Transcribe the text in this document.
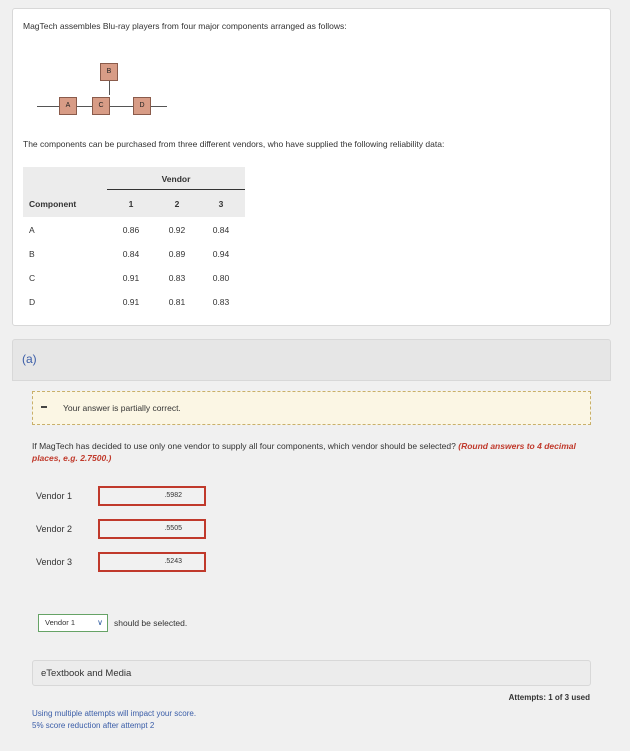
MagTech assembles Blu-ray players from four major components arranged as follows:
A	C
B
D
The components can be purchased from three different vendors, who have supplied the following reliability data:
Vendor
Component	1	2	3
A	0.86	0.92	0.84
B	0.84	0.89	0.94
C	0.91	0.83	0.80
D	0.91	0.81	0.83
(a)
Your answer is partially correct.
If MagTech has decided to use only one vendor to supply all four components, which vendor should be selected? (Round answers to 4 decimal places, e.g. 2.7500.)
Vendor 1	.5982
Vendor 2	.5505
Vendor 3	.5243
Vendor 1	∨ should be selected.
eTextbook and Media
Attempts: 1 of 3 used
Using multiple attempts will impact your score.
5% score reduction after attempt 2
